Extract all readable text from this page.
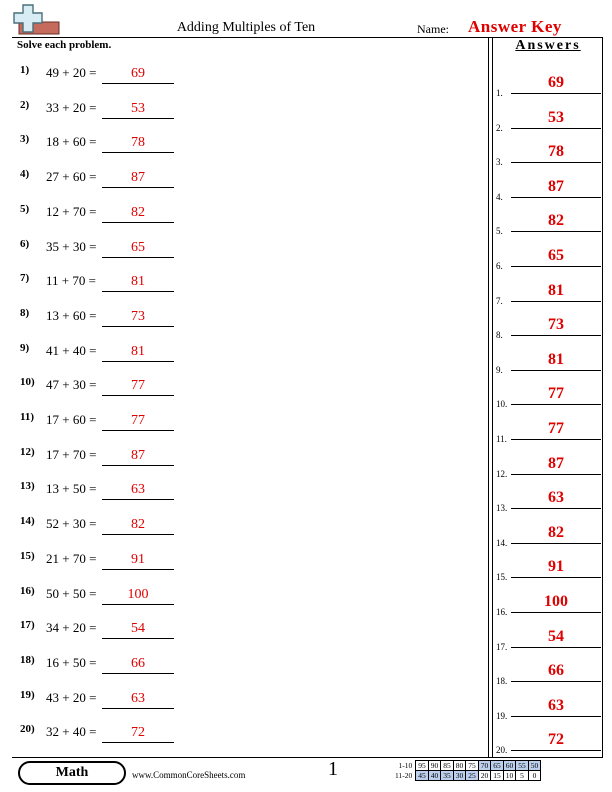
Adding Multiples of Ten	Name: Answer Key
Answers
Solve each problem.
1) 49 + 20 =	69
2) 33 + 20 =	53
3) 18 + 60 =	78
4) 27 + 60 =	87
5) 12 + 70 =	82
6) 35 + 30 =	65
7) 11 + 70 =	81
8) 13 + 60 =	73
9) 41 + 40 =	81
10) 47 + 30 =	77
11) 17 + 60 =	77
12) 17 + 70 =	87
13) 13 + 50 =	63
14) 52 + 30 =	82
15) 21 + 70 =	91
16) 50 + 50 =	100
17) 34 + 20 =	54
18) 16 + 50 =	66
19) 43 + 20 =	63
20) 32 + 40 =	72
1.
69
2.
53
3.
78
4.
87
5.
82
6.
65
7.
81
8.
73
9.
81
10.
77
11.
77
12.
87
13.
63
14.
82
15.
91
16.
100
17.
54
18.
66
19.
63
20.
72
Math	www.CommonCoreSheets.com	1	1-10	95	90	85	80	75	70	65	60	55	50
11-20	45	40	35	30	25	20	15	10	5	0
